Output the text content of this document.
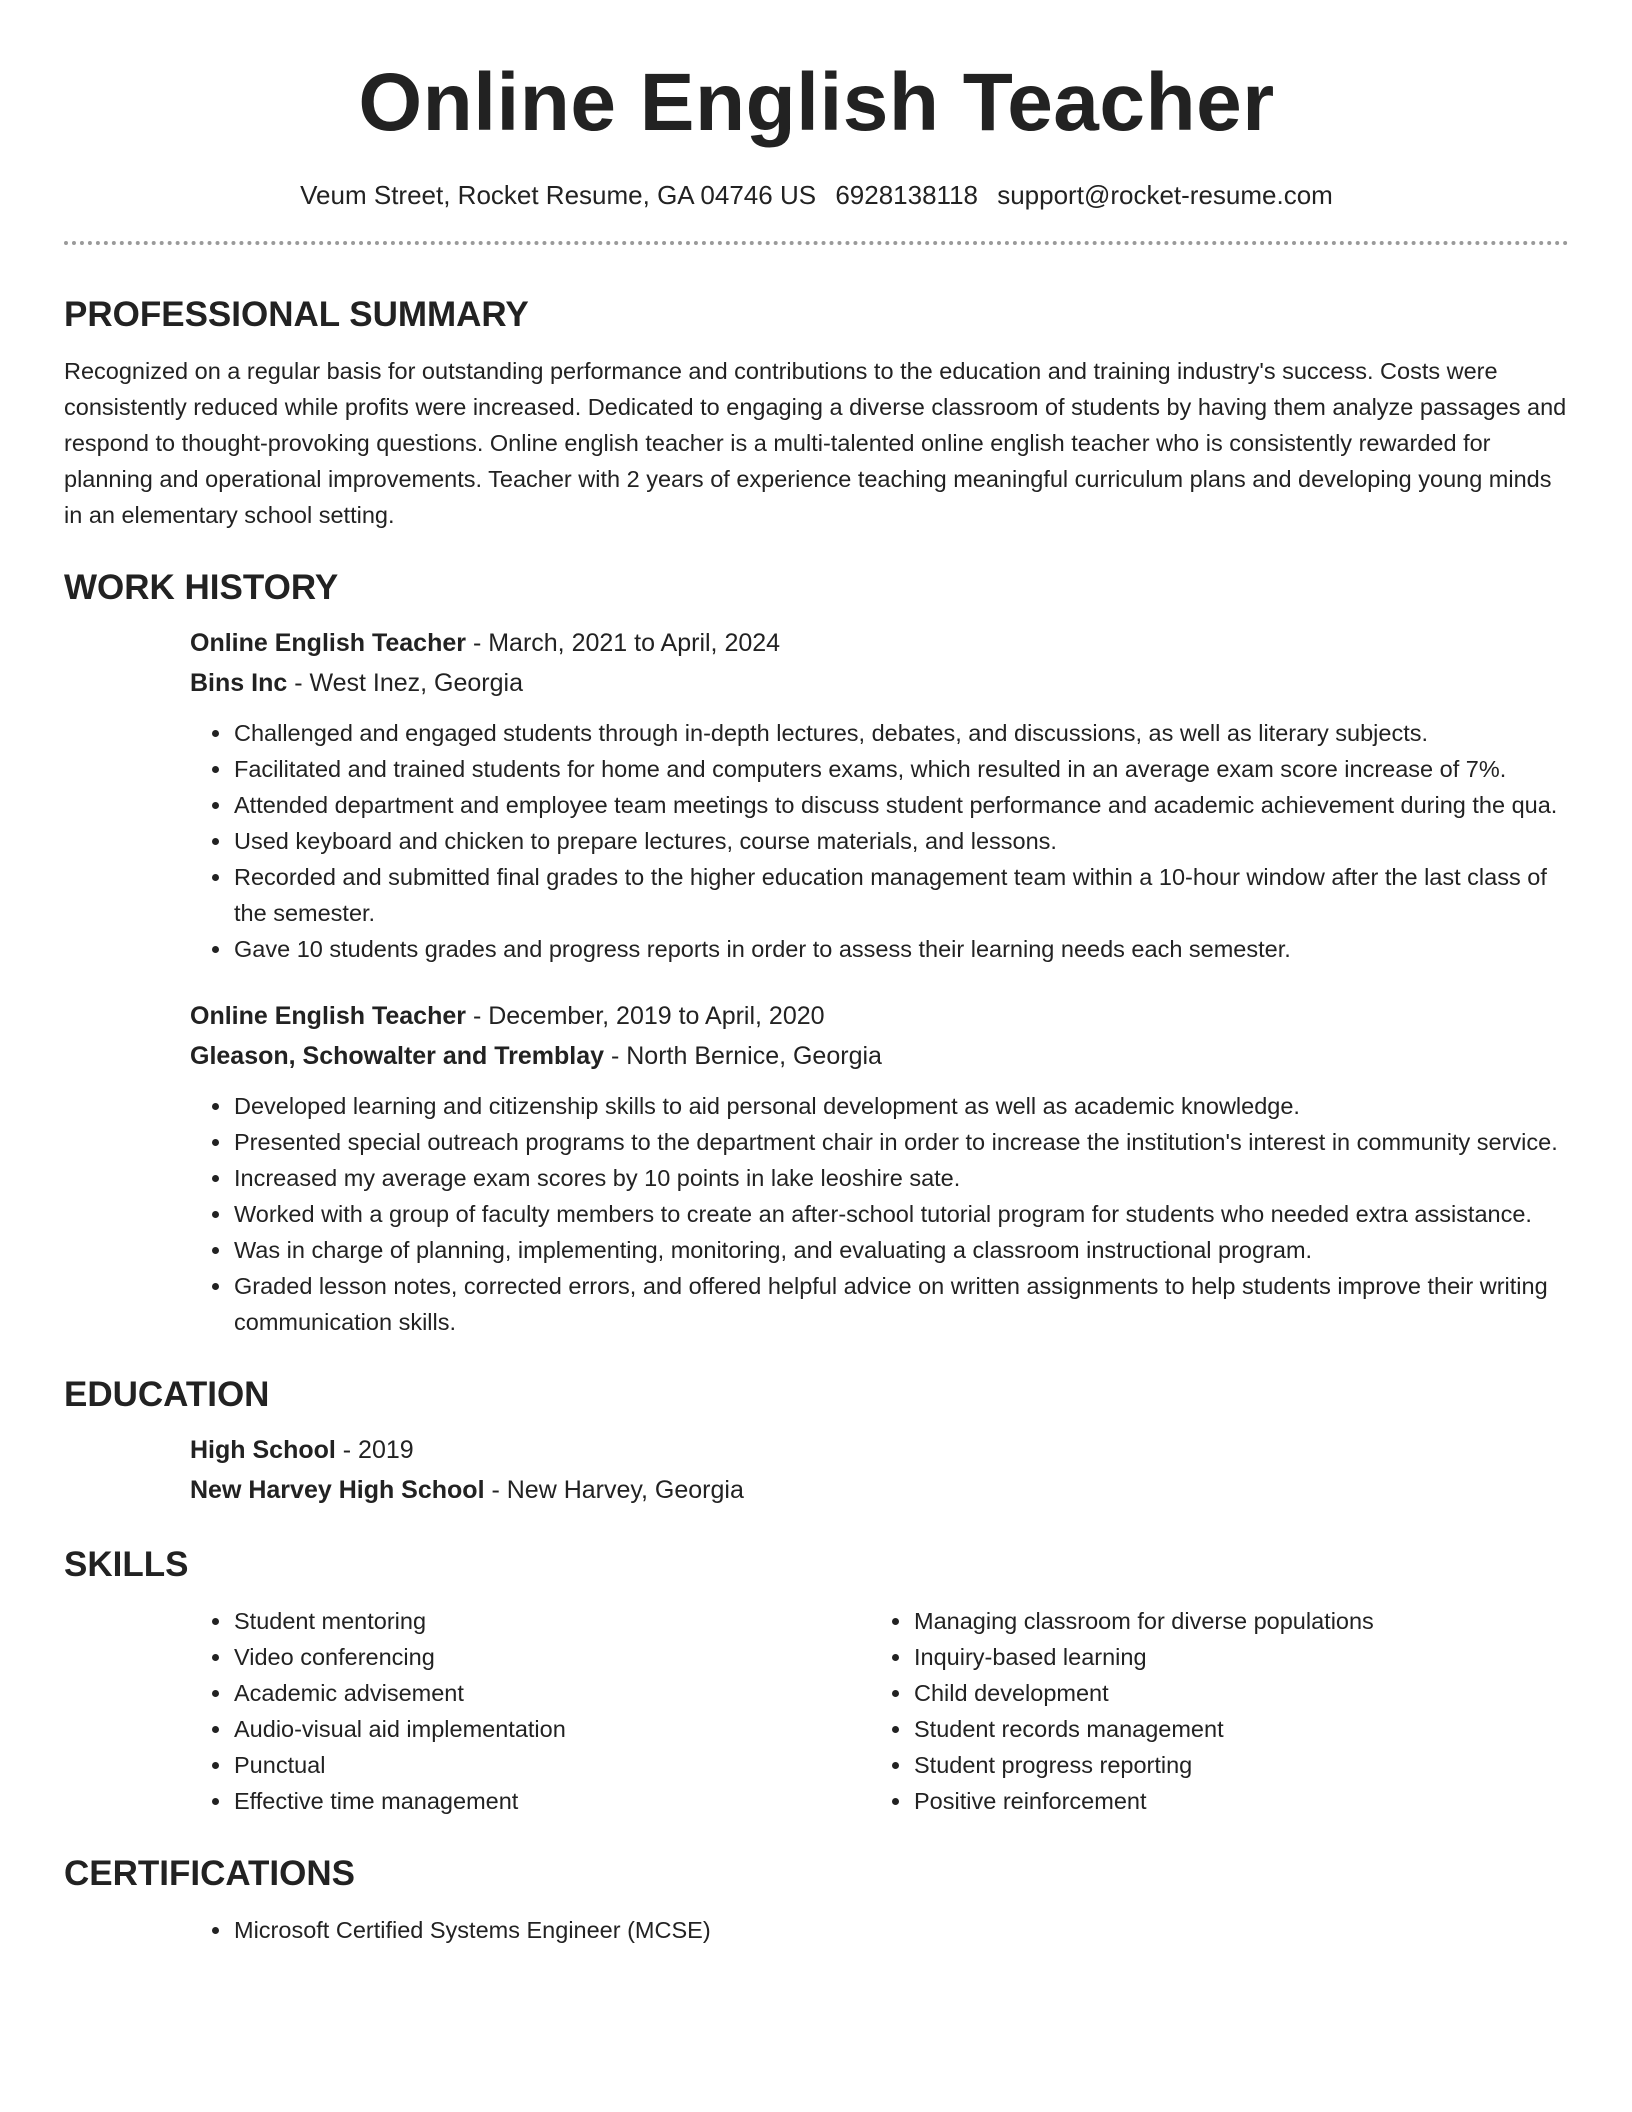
Online English Teacher
Veum Street, Rocket Resume, GA 04746 US 6928138118 support@rocket-resume.com
PROFESSIONAL SUMMARY

Recognized on a regular basis for outstanding performance and contributions to the education and training industry's success. Costs were consistently reduced while profits were increased. Dedicated to engaging a diverse classroom of students by having them analyze passages and respond to thought-provoking questions. Online english teacher is a multi-talented online english teacher who is consistently rewarded for planning and operational improvements. Teacher with 2 years of experience teaching meaningful curriculum plans and developing young minds in an elementary school setting.

WORK HISTORY
Online English Teacher - March, 2021 to April, 2024
Bins Inc - West Inez, Georgia
• Challenged and engaged students through in-depth lectures, debates, and discussions, as well as literary subjects.
• Facilitated and trained students for home and computers exams, which resulted in an average exam score increase of 7%.
• Attended department and employee team meetings to discuss student performance and academic achievement during the qua.
• Used keyboard and chicken to prepare lectures, course materials, and lessons.
• Recorded and submitted final grades to the higher education management team within a 10-hour window after the last class of the semester.
• Gave 10 students grades and progress reports in order to assess their learning needs each semester.
Online English Teacher - December, 2019 to April, 2020
Gleason, Schowalter and Tremblay - North Bernice, Georgia
• Developed learning and citizenship skills to aid personal development as well as academic knowledge.
• Presented special outreach programs to the department chair in order to increase the institution's interest in community service.
• Increased my average exam scores by 10 points in lake leoshire sate.
• Worked with a group of faculty members to create an after-school tutorial program for students who needed extra assistance.
• Was in charge of planning, implementing, monitoring, and evaluating a classroom instructional program.
• Graded lesson notes, corrected errors, and offered helpful advice on written assignments to help students improve their writing communication skills.
EDUCATION
High School - 2019
New Harvey High School - New Harvey, Georgia
SKILLS
• Student mentoring
• Video conferencing
• Academic advisement
• Audio-visual aid implementation
• Punctual
• Effective time management
• Managing classroom for diverse populations
• Inquiry-based learning
• Child development
• Student records management
• Student progress reporting
• Positive reinforcement
CERTIFICATIONS
• Microsoft Certified Systems Engineer (MCSE)
